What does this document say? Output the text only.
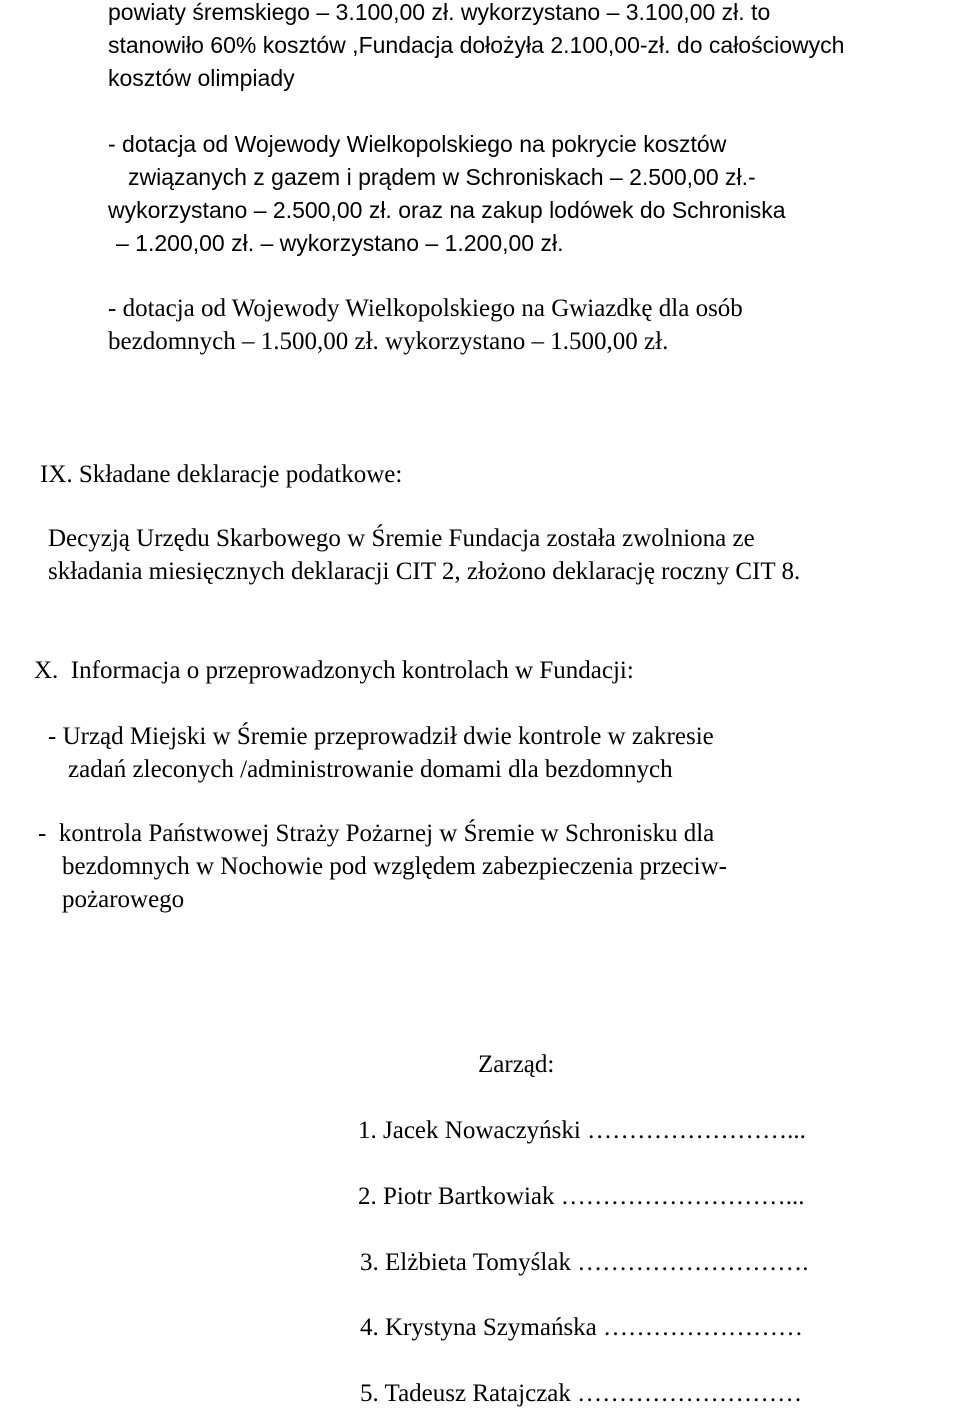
powiaty śremskiego – 3.100,00 zł. wykorzystano – 3.100,00 zł. to

stanowiło 60% kosztów ,Fundacja dołożyła 2.100,00-zł. do całościowych

kosztów olimpiady

- dotacja od Wojewody Wielkopolskiego na pokrycie kosztów

związanych z gazem i prądem w Schroniskach – 2.500,00 zł.-

wykorzystano – 2.500,00 zł. oraz na zakup lodówek do Schroniska

– 1.200,00 zł. – wykorzystano – 1.200,00 zł.

- dotacja od Wojewody Wielkopolskiego na Gwiazdkę dla osób

bezdomnych – 1.500,00 zł. wykorzystano – 1.500,00 zł.

IX. Składane deklaracje podatkowe:

Decyzją Urzędu Skarbowego w Śremie Fundacja została zwolniona ze

składania miesięcznych deklaracji CIT 2, złożono deklarację roczny CIT 8.

X.  Informacja o przeprowadzonych kontrolach w Fundacji:

- Urząd Miejski w Śremie przeprowadził dwie kontrole w zakresie

zadań zleconych /administrowanie domami dla bezdomnych

-  kontrola Państwowej Straży Pożarnej w Śremie w Schronisku dla

bezdomnych w Nochowie pod względem zabezpieczenia przeciw-

pożarowego

Zarząd:

1. Jacek Nowaczyński ……………………...

2. Piotr Bartkowiak ………………………...

3. Elżbieta Tomyślak ……………………….

4. Krystyna Szymańska ……………………

5. Tadeusz Ratajczak ………………………
